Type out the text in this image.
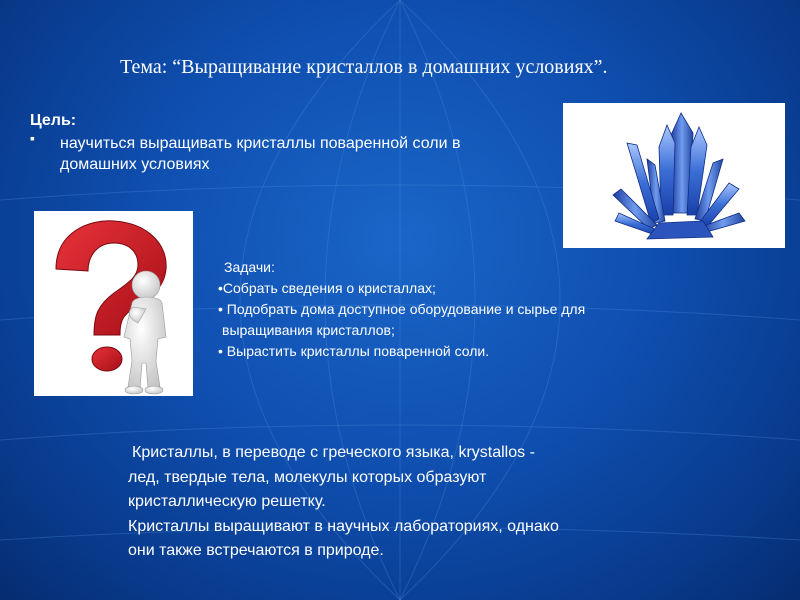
Тема: “Выращивание кристаллов в домашних условиях”.
Цель:
▪ научиться выращивать кристаллы поваренной соли в
домашних условиях
Задачи:
•Собрать сведения о кристаллах;
• Подобрать дома доступное оборудование и сырье для
выращивания кристаллов;
• Вырастить кристаллы поваренной соли.
Кристаллы, в переводе с греческого языка, krystallos -
лед, твердые тела, молекулы которых образуют
кристаллическую решетку.
Кристаллы выращивают в научных лабораториях, однако
они также встречаются в природе.
